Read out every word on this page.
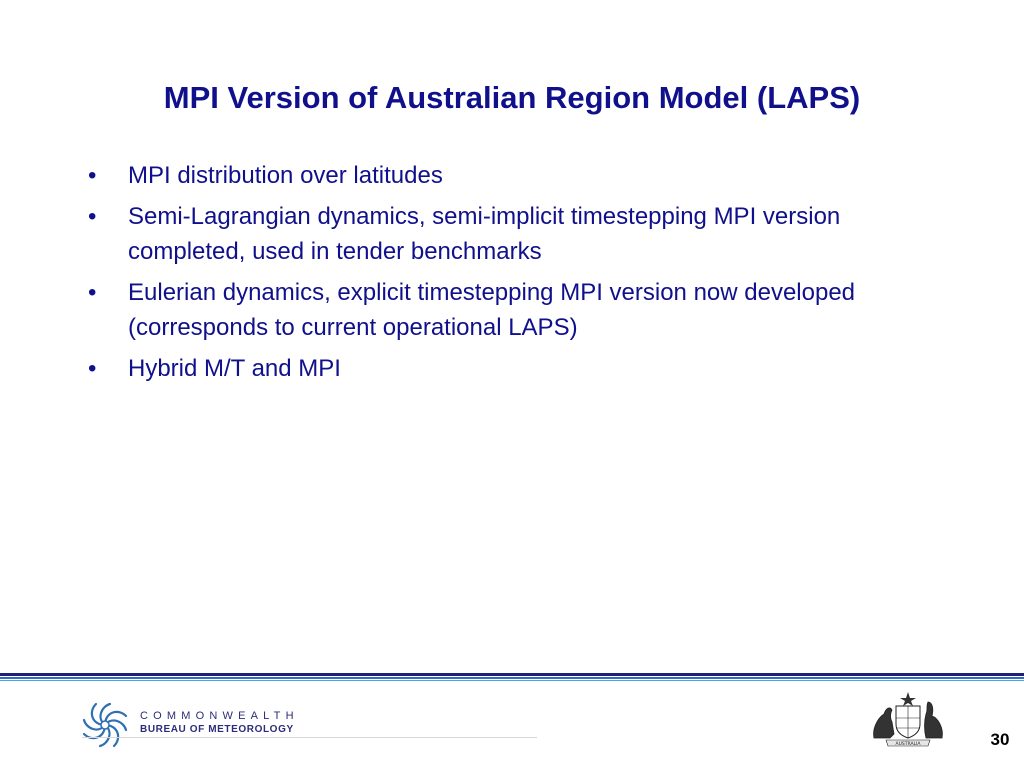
MPI Version of Australian Region Model (LAPS)
• MPI distribution over latitudes
• Semi-Lagrangian dynamics, semi-implicit timestepping MPI version completed, used in tender benchmarks
• Eulerian dynamics, explicit timestepping MPI version now developed (corresponds to current operational LAPS)
• Hybrid M/T and MPI
COMMONWEALTH
BUREAU OF METEOROLOGY
AUSTRALIA	30
